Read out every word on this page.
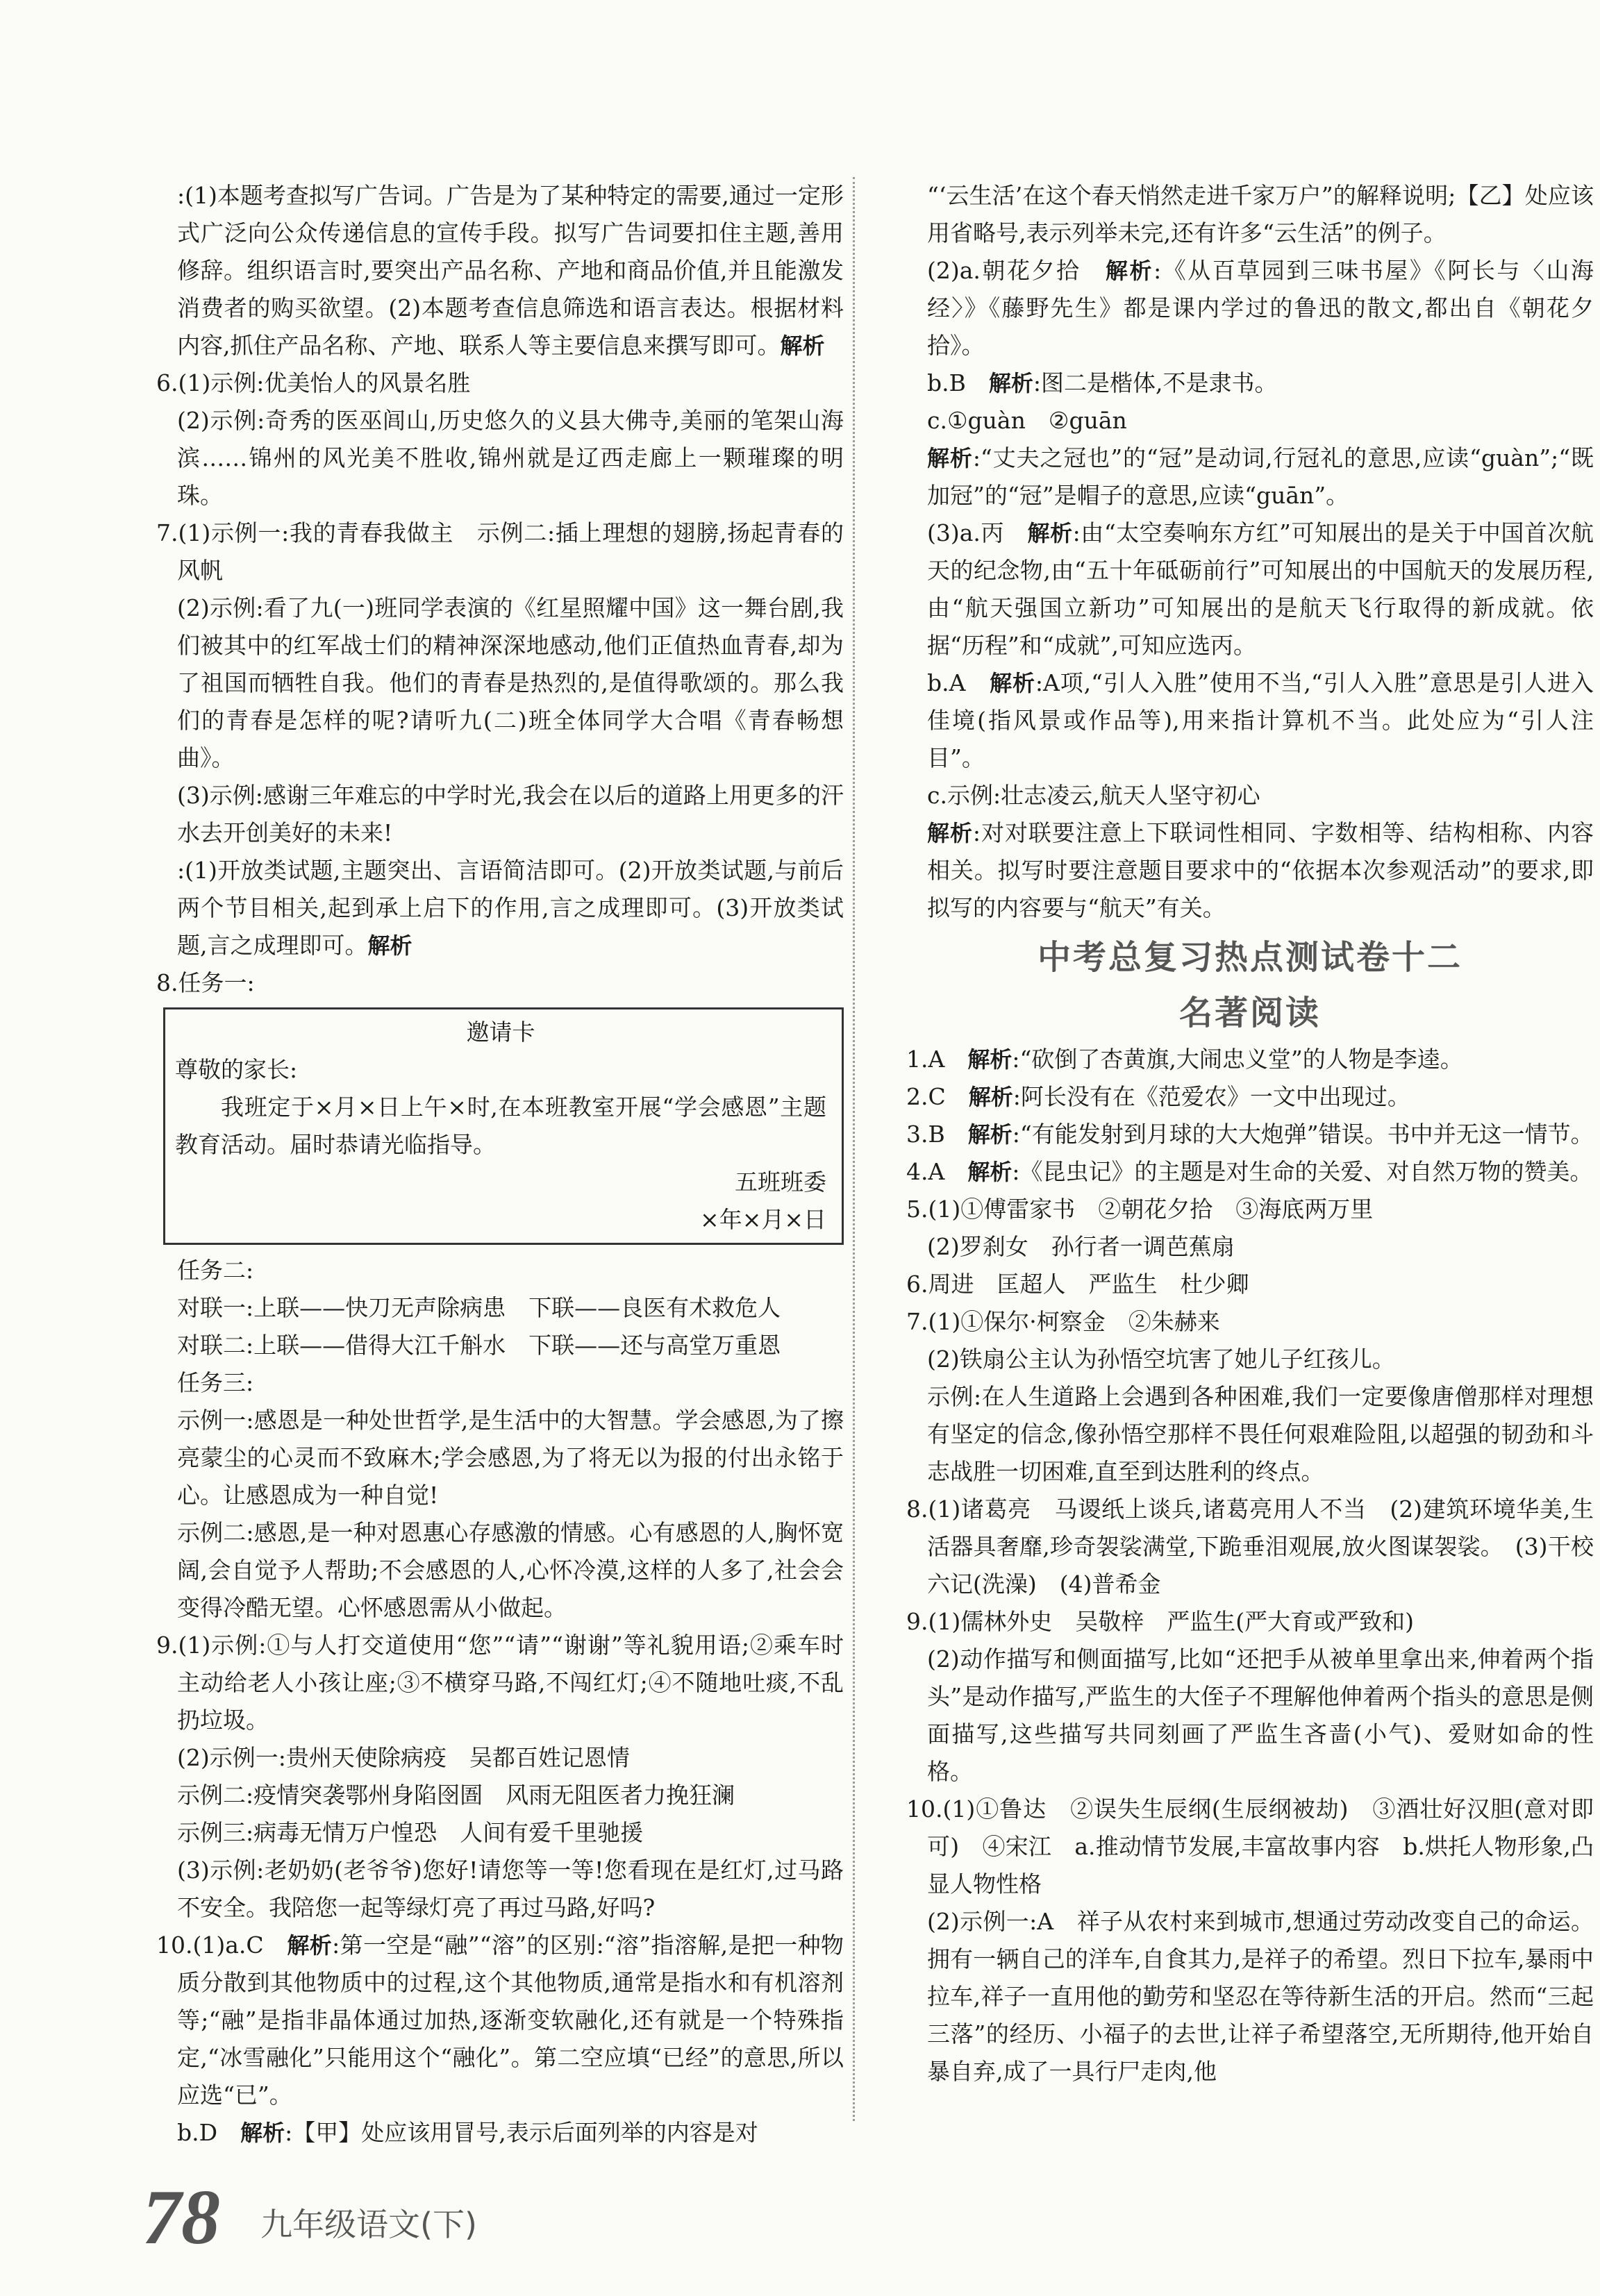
:(1)本题考查拟写广告词。广告是为了某种特定的需要,通过一定形式广泛向公众传递信息的宣传手段。拟写广告词要扣住主题,善用修辞。组织语言时,要突出产品名称、产地和商品价值,并且能激发消费者的购买欲望。(2)本题考查信息筛选和语言表达。根据材料内容,抓住产品名称、产地、联系人等主要信息来撰写即可。解析

6.(1)示例:优美怡人的风景名胜

(2)示例:奇秀的医巫闾山,历史悠久的义县大佛寺,美丽的笔架山海滨……锦州的风光美不胜收,锦州就是辽西走廊上一颗璀璨的明珠。

7.(1)示例一:我的青春我做主　示例二:插上理想的翅膀,扬起青春的风帆

(2)示例:看了九(一)班同学表演的《红星照耀中国》这一舞台剧,我们被其中的红军战士们的精神深深地感动,他们正值热血青春,却为了祖国而牺牲自我。他们的青春是热烈的,是值得歌颂的。那么我们的青春是怎样的呢?请听九(二)班全体同学大合唱《青春畅想曲》。

(3)示例:感谢三年难忘的中学时光,我会在以后的道路上用更多的汗水去开创美好的未来!

:(1)开放类试题,主题突出、言语简洁即可。(2)开放类试题,与前后两个节目相关,起到承上启下的作用,言之成理即可。(3)开放类试题,言之成理即可。解析

8.任务一:

邀请卡

尊敬的家长:

我班定于×月×日上午×时,在本班教室开展“学会感恩”主题教育活动。届时恭请光临指导。

五班班委

×年×月×日

任务二:

对联一:上联——快刀无声除病患　下联——良医有术救危人

对联二:上联——借得大江千斛水　下联——还与高堂万重恩

任务三:

示例一:感恩是一种处世哲学,是生活中的大智慧。学会感恩,为了擦亮蒙尘的心灵而不致麻木;学会感恩,为了将无以为报的付出永铭于心。让感恩成为一种自觉!

示例二:感恩,是一种对恩惠心存感激的情感。心有感恩的人,胸怀宽阔,会自觉予人帮助;不会感恩的人,心怀冷漠,这样的人多了,社会会变得冷酷无望。心怀感恩需从小做起。

9.(1)示例:①与人打交道使用“您”“请”“谢谢”等礼貌用语;②乘车时主动给老人小孩让座;③不横穿马路,不闯红灯;④不随地吐痰,不乱扔垃圾。

(2)示例一:贵州天使除病疫　吴都百姓记恩情

示例二:疫情突袭鄂州身陷囹圄　风雨无阻医者力挽狂澜

示例三:病毒无情万户惶恐　人间有爱千里驰援

(3)示例:老奶奶(老爷爷)您好!请您等一等!您看现在是红灯,过马路不安全。我陪您一起等绿灯亮了再过马路,好吗?

10.(1)a.C　解析:第一空是“融”“溶”的区别:“溶”指溶解,是把一种物质分散到其他物质中的过程,这个其他物质,通常是指水和有机溶剂等;“融”是指非晶体通过加热,逐渐变软融化,还有就是一个特殊指定,“冰雪融化”只能用这个“融化”。第二空应填“已经”的意思,所以应选“已”。

b.D　解析:【甲】处应该用冒号,表示后面列举的内容是对

“‘云生活’在这个春天悄然走进千家万户”的解释说明;【乙】处应该用省略号,表示列举未完,还有许多“云生活”的例子。

(2)a.朝花夕拾　解析:《从百草园到三味书屋》《阿长与〈山海经〉》《藤野先生》都是课内学过的鲁迅的散文,都出自《朝花夕拾》。

b.B　解析:图二是楷体,不是隶书。

c.①guàn　②guān

解析:“丈夫之冠也”的“冠”是动词,行冠礼的意思,应读“guàn”;“既加冠”的“冠”是帽子的意思,应读“guān”。

(3)a.丙　解析:由“太空奏响东方红”可知展出的是关于中国首次航天的纪念物,由“五十年砥砺前行”可知展出的中国航天的发展历程,由“航天强国立新功”可知展出的是航天飞行取得的新成就。依据“历程”和“成就”,可知应选丙。

b.A　解析:A项,“引人入胜”使用不当,“引人入胜”意思是引人进入佳境(指风景或作品等),用来指计算机不当。此处应为“引人注目”。

c.示例:壮志凌云,航天人坚守初心

解析:对对联要注意上下联词性相同、字数相等、结构相称、内容相关。拟写时要注意题目要求中的“依据本次参观活动”的要求,即拟写的内容要与“航天”有关。

中考总复习热点测试卷十二
名著阅读

1.A　解析:“砍倒了杏黄旗,大闹忠义堂”的人物是李逵。

2.C　解析:阿长没有在《范爱农》一文中出现过。

3.B　解析:“有能发射到月球的大大炮弹”错误。书中并无这一情节。

4.A　解析:《昆虫记》的主题是对生命的关爱、对自然万物的赞美。

5.(1)①傅雷家书　②朝花夕拾　③海底两万里

(2)罗刹女　孙行者一调芭蕉扇

6.周进　匡超人　严监生　杜少卿

7.(1)①保尔·柯察金　②朱赫来

(2)铁扇公主认为孙悟空坑害了她儿子红孩儿。

示例:在人生道路上会遇到各种困难,我们一定要像唐僧那样对理想有坚定的信念,像孙悟空那样不畏任何艰难险阻,以超强的韧劲和斗志战胜一切困难,直至到达胜利的终点。

8.(1)诸葛亮　马谡纸上谈兵,诸葛亮用人不当　(2)建筑环境华美,生活器具奢靡,珍奇袈裟满堂,下跪垂泪观展,放火图谋袈裟。　(3)干校六记(洗澡)　(4)普希金

9.(1)儒林外史　吴敬梓　严监生(严大育或严致和)

(2)动作描写和侧面描写,比如“还把手从被单里拿出来,伸着两个指头”是动作描写,严监生的大侄子不理解他伸着两个指头的意思是侧面描写,这些描写共同刻画了严监生吝啬(小气)、爱财如命的性格。

10.(1)①鲁达　②误失生辰纲(生辰纲被劫)　③酒壮好汉胆(意对即可)　④宋江　a.推动情节发展,丰富故事内容　b.烘托人物形象,凸显人物性格

(2)示例一:A　祥子从农村来到城市,想通过劳动改变自己的命运。拥有一辆自己的洋车,自食其力,是祥子的希望。烈日下拉车,暴雨中拉车,祥子一直用他的勤劳和坚忍在等待新生活的开启。然而“三起三落”的经历、小福子的去世,让祥子希望落空,无所期待,他开始自暴自弃,成了一具行尸走肉,他

78 九年级语文(下)
